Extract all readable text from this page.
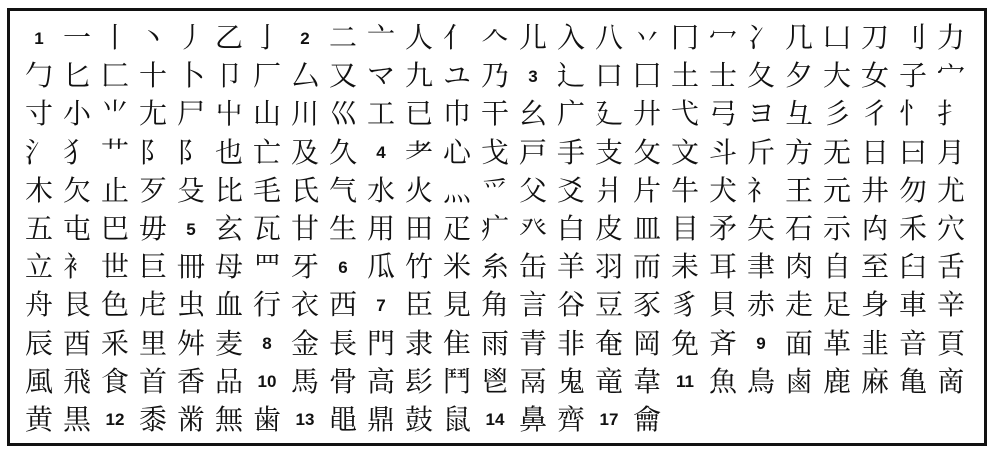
1 一 丨 丶 丿 乙 亅	2 二 亠 人 亻 𠆢 儿 入 八 丷 冂 冖 冫 几 凵 刀 刂 力
勹 匕 匚 十 卜 卩 厂 厶 又 マ 九 ユ 乃	3 ⻌ 口 囗 土 士 夂 夕 大 女 子 宀
寸 小 ⺌ 尢 尸 屮 山 川 巛 工 已 巾 干 幺 广 廴 廾 弋 弓 ヨ 彑 彡 彳 ⺖ 扌
氵 犭 艹 阝 阝 也 亡 及 久	4 ⺹ 心 戈 戸 手 支 攵 文 斗 斤 方 无 日 曰 月
木 欠 止 歹 殳 比 毛 氏 气 水 火 灬 爫 父 爻 爿 片 牛 犬 礻 王 元 井 勿 尤
五 屯 巴 毋	5 玄 瓦 甘 生 用 田 疋 疒 癶 白 皮 皿 目 矛 矢 石 示 禸 禾 穴
立 衤 世 巨 冊 母 ⺲ 牙	6 瓜 竹 米 糸 缶 羊 羽 而 耒 耳 聿 肉 自 至 臼 舌
舟 艮 色 虍 虫 血 行 衣 西	7 臣 見 角 言 谷 豆 豕 豸 貝 赤 走 足 身 車 辛
辰 酉 釆 里 舛 麦	8 金 長 門 隶 隹 雨 青 非 奄 岡 免 斉	9 面 革 韭 音 頁
風 飛 食 首 香 品 10 馬 骨 高 髟 鬥 鬯 鬲 鬼 竜 韋 11 魚 鳥 鹵 鹿 麻 亀 啇
黄 黒 12 黍 黹 無 歯 13 黽 鼎 鼓 鼠 14 鼻 齊 17 龠
